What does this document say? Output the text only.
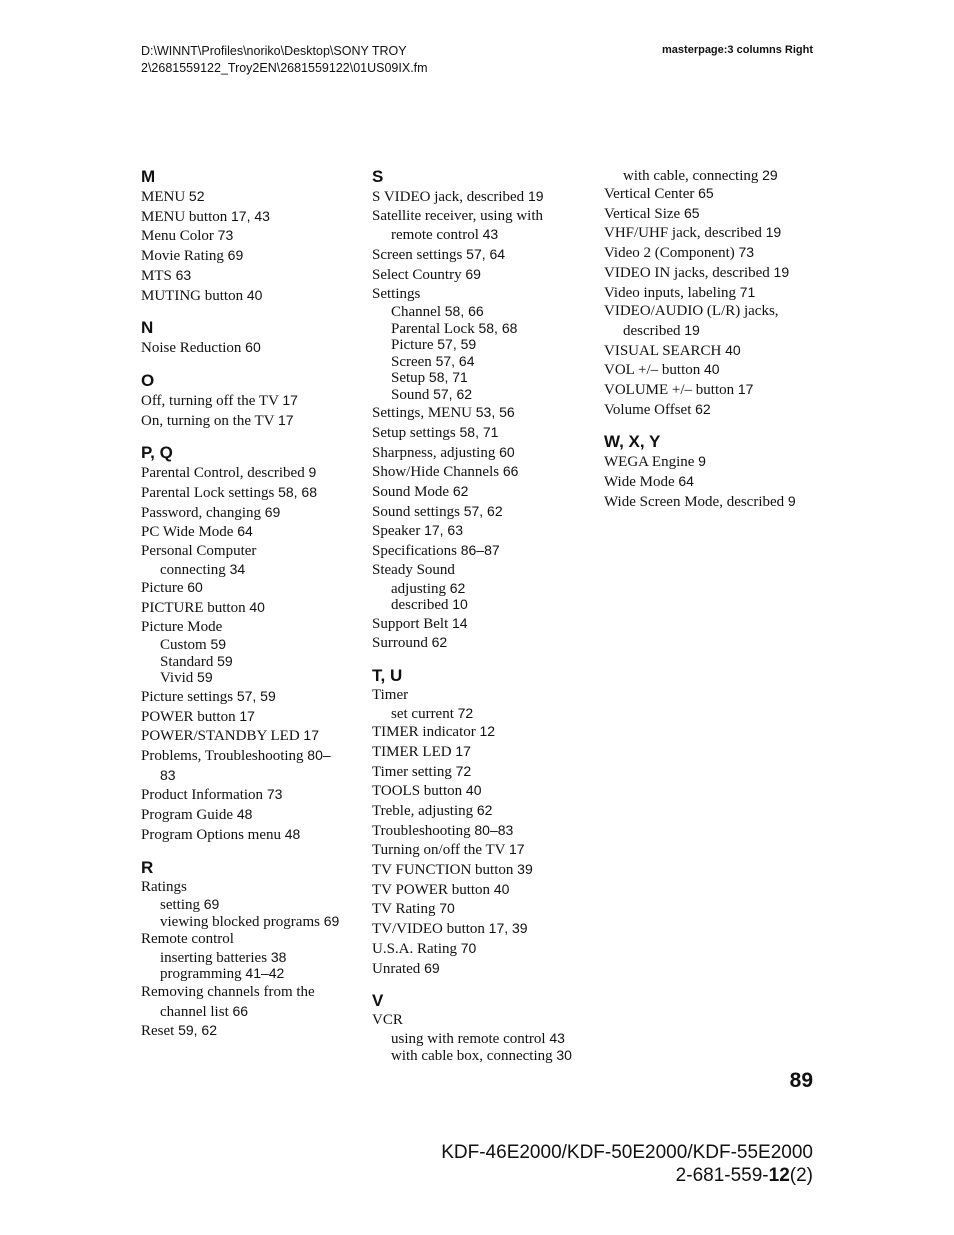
D:\WINNT\Profiles\noriko\Desktop\SONY TROY
2\2681559122_Troy2EN\2681559122\01US09IX.fm
masterpage:3 columns Right
M
MENU 52
MENU button 17, 43
Menu Color 73
Movie Rating 69
MTS 63
MUTING button 40
N
Noise Reduction 60
O
Off, turning off the TV 17
On, turning on the TV 17
P, Q
Parental Control, described 9
Parental Lock settings 58, 68
Password, changing 69
PC Wide Mode 64
Personal Computer
connecting 34
Picture 60
PICTURE button 40
Picture Mode
Custom 59
Standard 59
Vivid 59
Picture settings 57, 59
POWER button 17
POWER/STANDBY LED 17
Problems, Troubleshooting 80–
83
Product Information 73
Program Guide 48
Program Options menu 48
R
Ratings
setting 69
viewing blocked programs 69
Remote control
inserting batteries 38
programming 41–42
Removing channels from the
channel list 66
Reset 59, 62
S
S VIDEO jack, described 19
Satellite receiver, using with
remote control 43
Screen settings 57, 64
Select Country 69
Settings
Channel 58, 66
Parental Lock 58, 68
Picture 57, 59
Screen 57, 64
Setup 58, 71
Sound 57, 62
Settings, MENU 53, 56
Setup settings 58, 71
Sharpness, adjusting 60
Show/Hide Channels 66
Sound Mode 62
Sound settings 57, 62
Speaker 17, 63
Specifications 86–87
Steady Sound
adjusting 62
described 10
Support Belt 14
Surround 62
T, U
Timer
set current 72
TIMER indicator 12
TIMER LED 17
Timer setting 72
TOOLS button 40
Treble, adjusting 62
Troubleshooting 80–83
Turning on/off the TV 17
TV FUNCTION button 39
TV POWER button 40
TV Rating 70
TV/VIDEO button 17, 39
U.S.A. Rating 70
Unrated 69
V
VCR
using with remote control 43
with cable box, connecting 30
with cable, connecting 29
Vertical Center 65
Vertical Size 65
VHF/UHF jack, described 19
Video 2 (Component) 73
VIDEO IN jacks, described 19
Video inputs, labeling 71
VIDEO/AUDIO (L/R) jacks,
described 19
VISUAL SEARCH 40
VOL +/– button 40
VOLUME +/– button 17
Volume Offset 62
W, X, Y
WEGA Engine 9
Wide Mode 64
Wide Screen Mode, described 9
89
KDF-46E2000/KDF-50E2000/KDF-55E2000
2-681-559-12(2)
